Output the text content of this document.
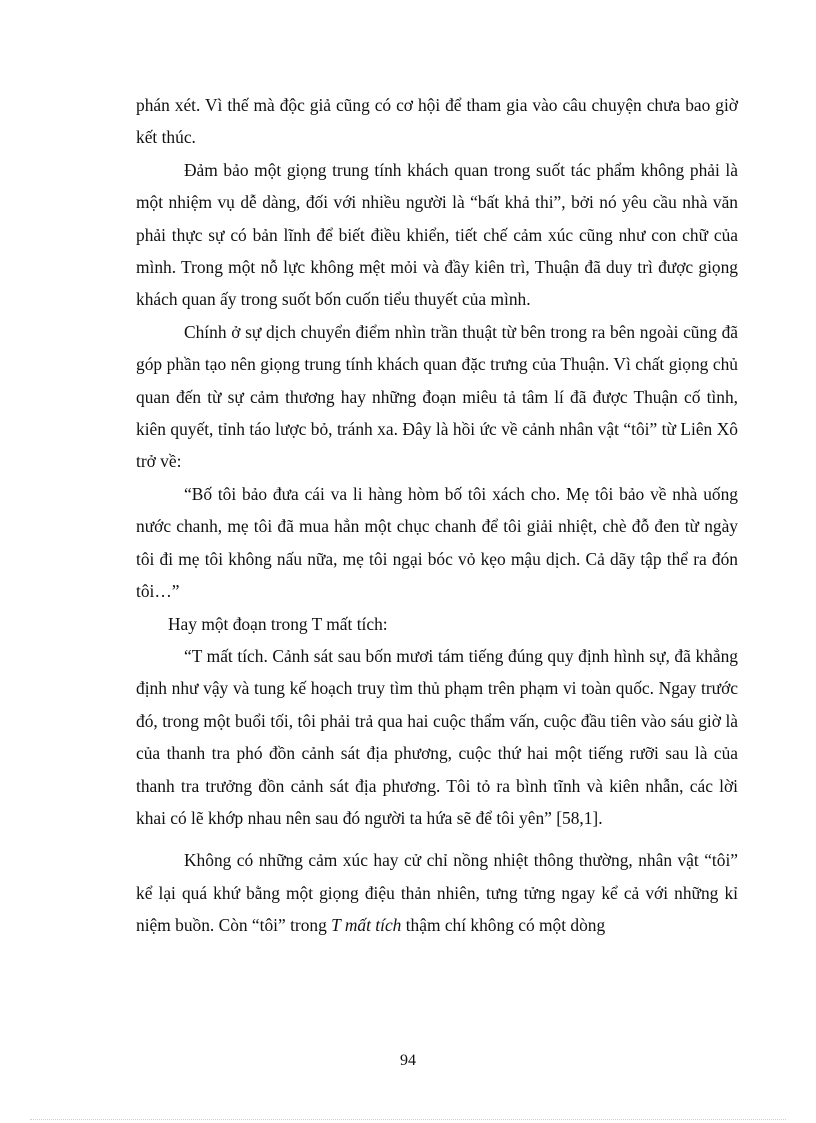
phán xét. Vì thế mà độc giả cũng có cơ hội để tham gia vào câu chuyện chưa bao giờ kết thúc.

Đảm bảo một giọng trung tính khách quan trong suốt tác phẩm không phải là một nhiệm vụ dễ dàng, đối với nhiều người là “bất khả thi”, bởi nó yêu cầu nhà văn phải thực sự có bản lĩnh để biết điều khiển, tiết chế cảm xúc cũng như con chữ của mình. Trong một nỗ lực không mệt mỏi và đầy kiên trì, Thuận đã duy trì được giọng khách quan ấy trong suốt bốn cuốn tiểu thuyết của mình.

Chính ở sự dịch chuyển điểm nhìn trần thuật từ bên trong ra bên ngoài cũng đã góp phần tạo nên giọng trung tính khách quan đặc trưng của Thuận. Vì chất giọng chủ quan đến từ sự cảm thương hay những đoạn miêu tả tâm lí đã được Thuận cố tình, kiên quyết, tỉnh táo lược bỏ, tránh xa. Đây là hồi ức về cảnh nhân vật “tôi” từ Liên Xô trở về:

“Bố tôi bảo đưa cái va li hàng hòm bố tôi xách cho. Mẹ tôi bảo về nhà uống nước chanh, mẹ tôi đã mua hẳn một chục chanh để tôi giải nhiệt, chè đỗ đen từ ngày tôi đi mẹ tôi không nấu nữa, mẹ tôi ngại bóc vỏ kẹo mậu dịch. Cả dãy tập thể ra đón tôi…”

Hay một đoạn trong T mất tích:

“T mất tích. Cảnh sát sau bốn mươi tám tiếng đúng quy định hình sự, đã khẳng định như vậy và tung kế hoạch truy tìm thủ phạm trên phạm vi toàn quốc. Ngay trước đó, trong một buổi tối, tôi phải trả qua hai cuộc thẩm vấn, cuộc đầu tiên vào sáu giờ là của thanh tra phó đồn cảnh sát địa phương, cuộc thứ hai một tiếng rưỡi sau là của thanh tra trưởng đồn cảnh sát địa phương. Tôi tỏ ra bình tĩnh và kiên nhẫn, các lời khai có lẽ khớp nhau nên sau đó người ta hứa sẽ để tôi yên” [58,1].

Không có những cảm xúc hay cử chỉ nồng nhiệt thông thường, nhân vật “tôi” kể lại quá khứ bằng một giọng điệu thản nhiên, tưng tửng ngay kể cả với những kỉ niệm buồn. Còn “tôi” trong T mất tích thậm chí không có một dòng

94
